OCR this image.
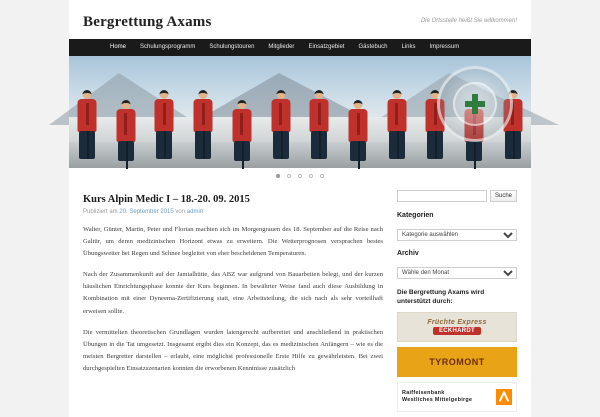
Bergrettung Axams	Die Ortsstelle heißt Sie willkommen!
Home	Schulungsprogramm	Schulungstouren	Mitglieder	Einsatzgebiet	Gästebuch	Links	Impressum
Kurs Alpin Medic I – 18.-20. 09. 2015
Publiziert am 20. September 2015 von admin

Walter, Günter, Martin, Peter und Florian machten sich im Morgengrauen des 18. September auf die Reise nach Galtür, um deren medizinischen Horizont etwas zu erweitern. Die Wetterprognosen versprachen bestes Übungswetter bei Regen und Schnee begleitet von eher bescheidenen Temperaturen.

Nach der Zusammenkunft auf der Jamtalhütte, das ABZ war aufgrund von Bauarbeiten belegt, und der kurzen häuslichen Einrichtungsphase konnte der Kurs beginnen. In bewährter Weise fand auch diese Ausbildung in Kombination mit einer Dyneema-Zertifizierung statt, eine Arbeitsteilung, die sich nach als sehr vorteilhaft erweisen sollte.

Die vermittelten theoretischen Grundlagen wurden laiengerecht aufbereitet und anschließend in praktischen Übungen in die Tat umgesetzt. Insgesamt ergibt dies ein Konzept, das es medizinischen Anfängern – wie es die meisten Bergretter darstellen – erlaubt, eine möglichst professionelle Erste Hilfe zu gewährleisten. Bei zwei durchgespielten Einsatzszenarien konnten die erworbenen Kenntnisse zusätzlich

Suche
Kategorien
Kategorie auswählen
Archiv
Wähle den Monat
Die Bergrettung Axams wird unterstützt durch:
Früchte Express
ECKHARDT
TYROMONT
Raiffeisenbank
Westliches Mittelgebirge
